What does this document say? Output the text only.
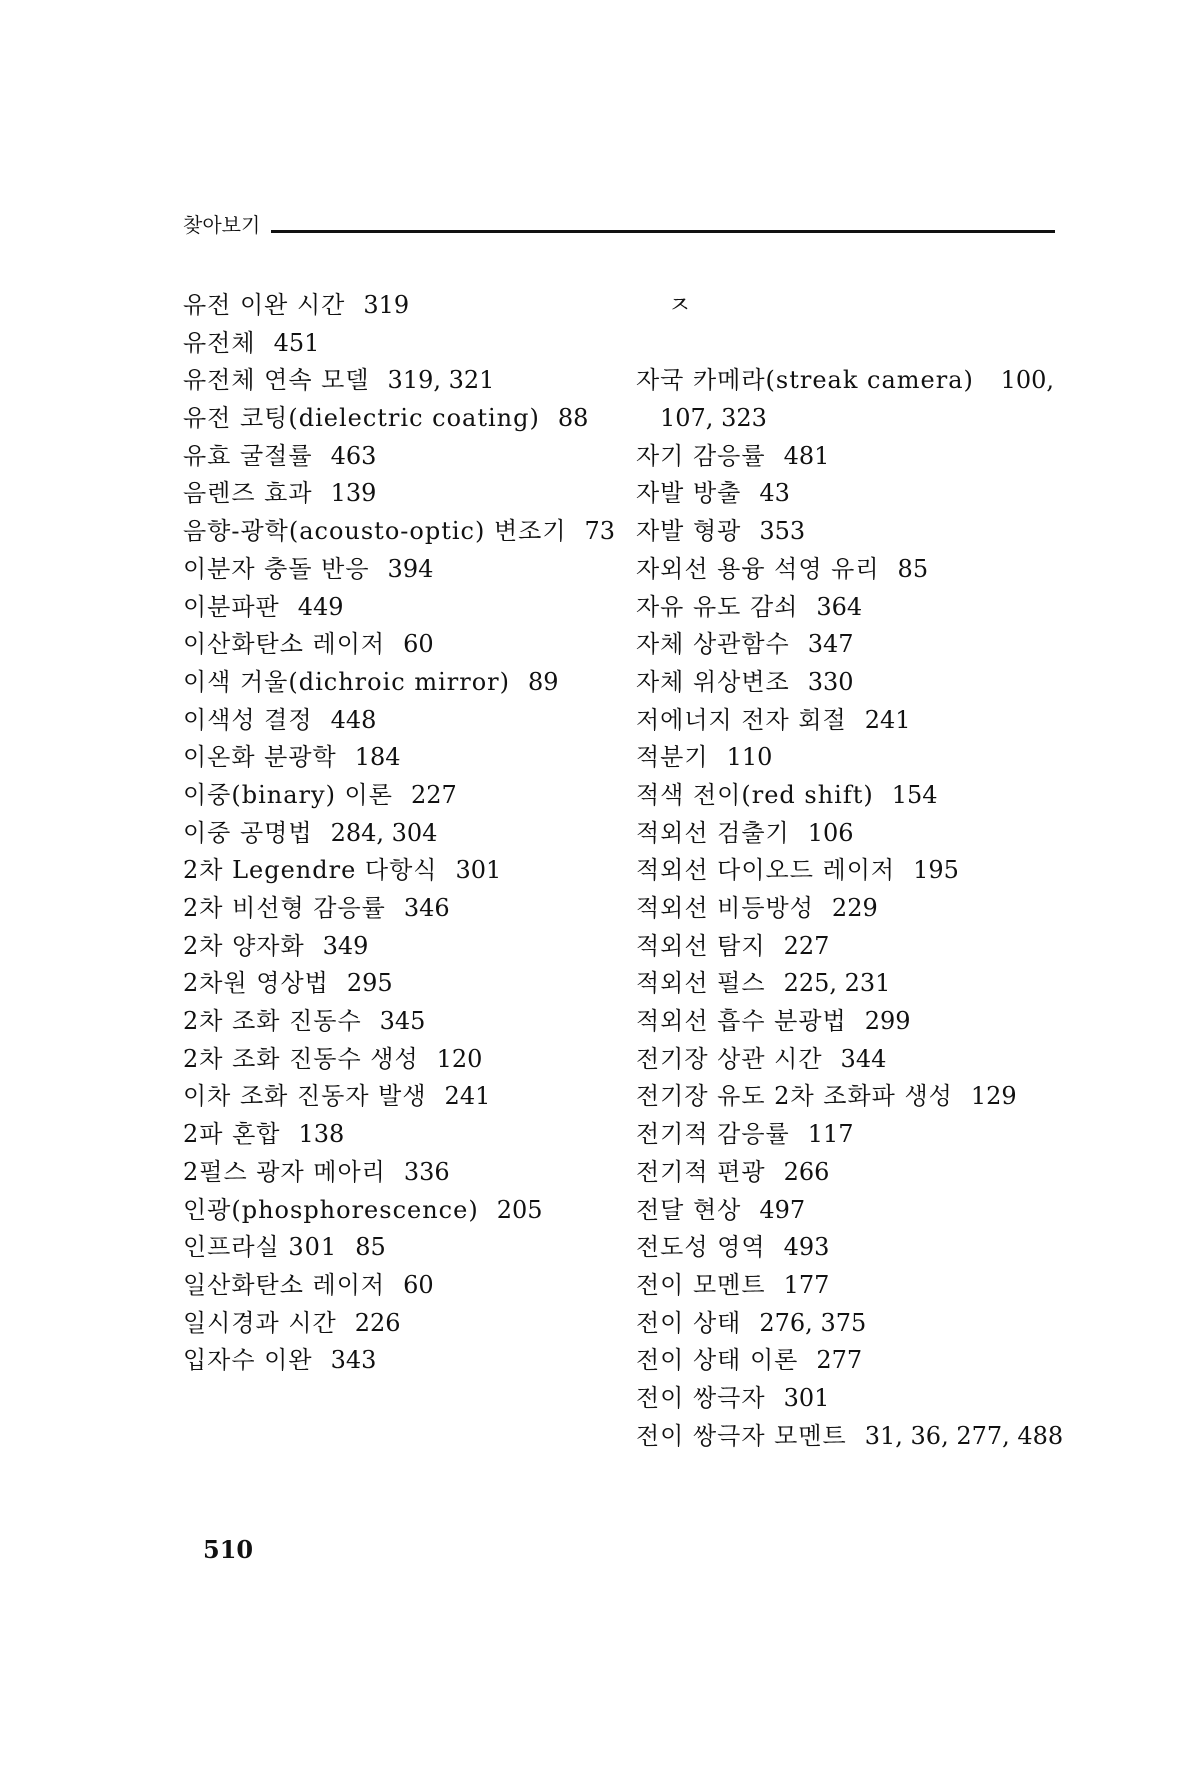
찾아보기
유전 이완 시간 319
유전체 451
유전체 연속 모델 319, 321
유전 코팅(dielectric coating) 88
유효 굴절률 463
음렌즈 효과 139
음향-광학(acousto-optic) 변조기 73
이분자 충돌 반응 394
이분파판 449
이산화탄소 레이저 60
이색 거울(dichroic mirror) 89
이색성 결정 448
이온화 분광학 184
이중(binary) 이론 227
이중 공명법 284, 304
2차 Legendre 다항식 301
2차 비선형 감응률 346
2차 양자화 349
2차원 영상법 295
2차 조화 진동수 345
2차 조화 진동수 생성 120
이차 조화 진동자 발생 241
2파 혼합 138
2펄스 광자 메아리 336
인광(phosphorescence) 205
인프라실 301 85
일산화탄소 레이저 60
일시경과 시간 226
입자수 이완 343
ㅈ
자국 카메라(streak camera) 100,
107, 323
자기 감응률 481
자발 방출 43
자발 형광 353
자외선 용융 석영 유리 85
자유 유도 감쇠 364
자체 상관함수 347
자체 위상변조 330
저에너지 전자 회절 241
적분기 110
적색 전이(red shift) 154
적외선 검출기 106
적외선 다이오드 레이저 195
적외선 비등방성 229
적외선 탐지 227
적외선 펄스 225, 231
적외선 흡수 분광법 299
전기장 상관 시간 344
전기장 유도 2차 조화파 생성 129
전기적 감응률 117
전기적 편광 266
전달 현상 497
전도성 영역 493
전이 모멘트 177
전이 상태 276, 375
전이 상태 이론 277
전이 쌍극자 301
전이 쌍극자 모멘트 31, 36, 277, 488
510
